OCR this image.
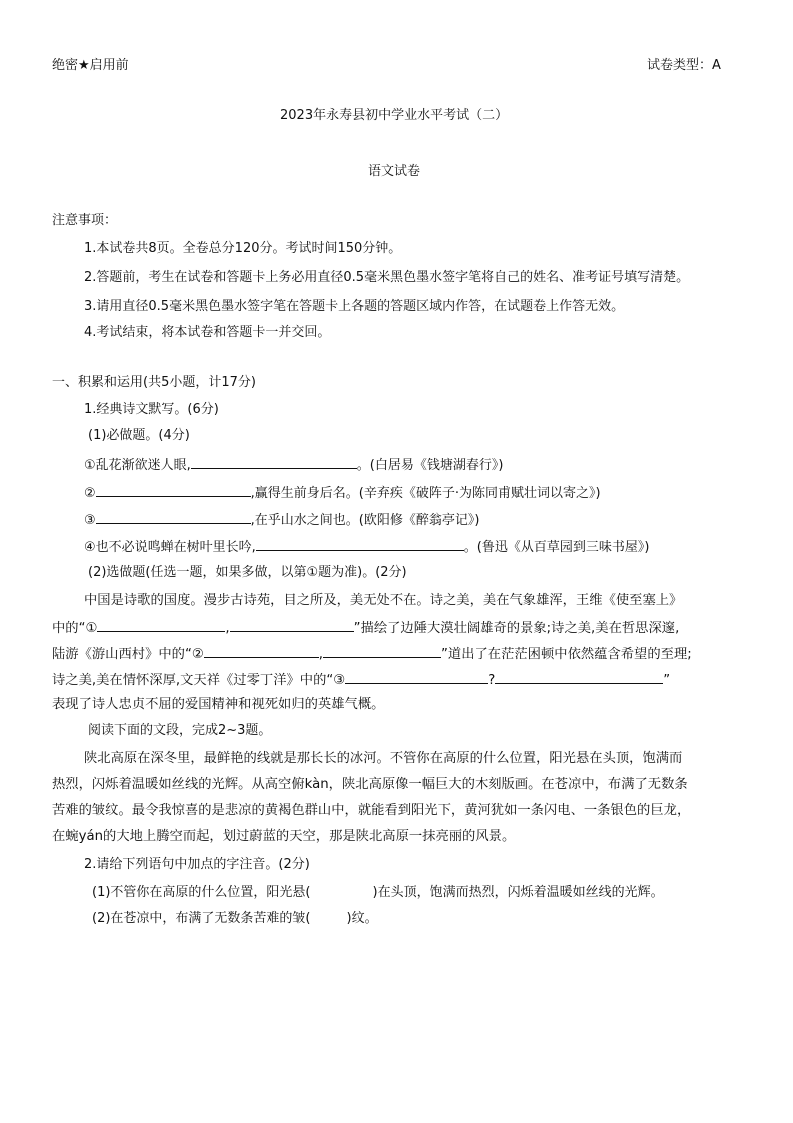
绝密★启用前	试卷类型：A
2023年永寿县初中学业水平考试（二）
语文试卷
注意事项：
1.本试卷共8页。全卷总分120分。考试时间150分钟。
2.答题前，考生在试卷和答题卡上务必用直径0.5毫米黑色墨水签字笔将自己的姓名、准考证号填写清楚。
3.请用直径0.5毫米黑色墨水签字笔在答题卡上各题的答题区域内作答，在试题卷上作答无效。
4.考试结束，将本试卷和答题卡一并交回。
一、积累和运用(共5小题，计17分)
1.经典诗文默写。(6分)
(1)必做题。(4分)
①乱花渐欲迷人眼,	。(白居易《钱塘湖春行》)
②	,赢得生前身后名。(辛弃疾《破阵子·为陈同甫赋壮词以寄之》)
③	,在乎山水之间也。(欧阳修《醉翁亭记》)
④也不必说鸣蝉在树叶里长吟,	。(鲁迅《从百草园到三味书屋》)
(2)选做题(任选一题，如果多做，以第①题为准)。(2分)
中国是诗歌的国度。漫步古诗苑，目之所及，美无处不在。诗之美，美在气象雄浑，王维《使至塞上》
中的“①	,	”描绘了边陲大漠壮阔雄奇的景象;诗之美,美在哲思深邃,
陆游《游山西村》中的“②	,	”道出了在茫茫困顿中依然蕴含希望的至理;
诗之美,美在情怀深厚,文天祥《过零丁洋》中的“③	?	”
表现了诗人忠贞不屈的爱国精神和视死如归的英雄气概。
阅读下面的文段，完成2~3题。
陕北高原在深冬里，最鲜艳的线就是那长长的冰河。不管你在高原的什么位置，阳光悬在头顶，饱满而
热烈，闪烁着温暖如丝线的光辉。从高空俯kàn，陕北高原像一幅巨大的木刻版画。在苍凉中，布满了无数条
苦难的皱纹。最令我惊喜的是悲凉的黄褐色群山中，就能看到阳光下，黄河犹如一条闪电、一条银色的巨龙，
在蜿yán的大地上腾空而起，划过蔚蓝的天空，那是陕北高原一抹亮丽的风景。
2.请给下列语句中加点的字注音。(2分)
(1)不管你在高原的什么位置，阳光悬(	)在头顶，饱满而热烈，闪烁着温暖如丝线的光辉。
(2)在苍凉中，布满了无数条苦难的皱(	)纹。
